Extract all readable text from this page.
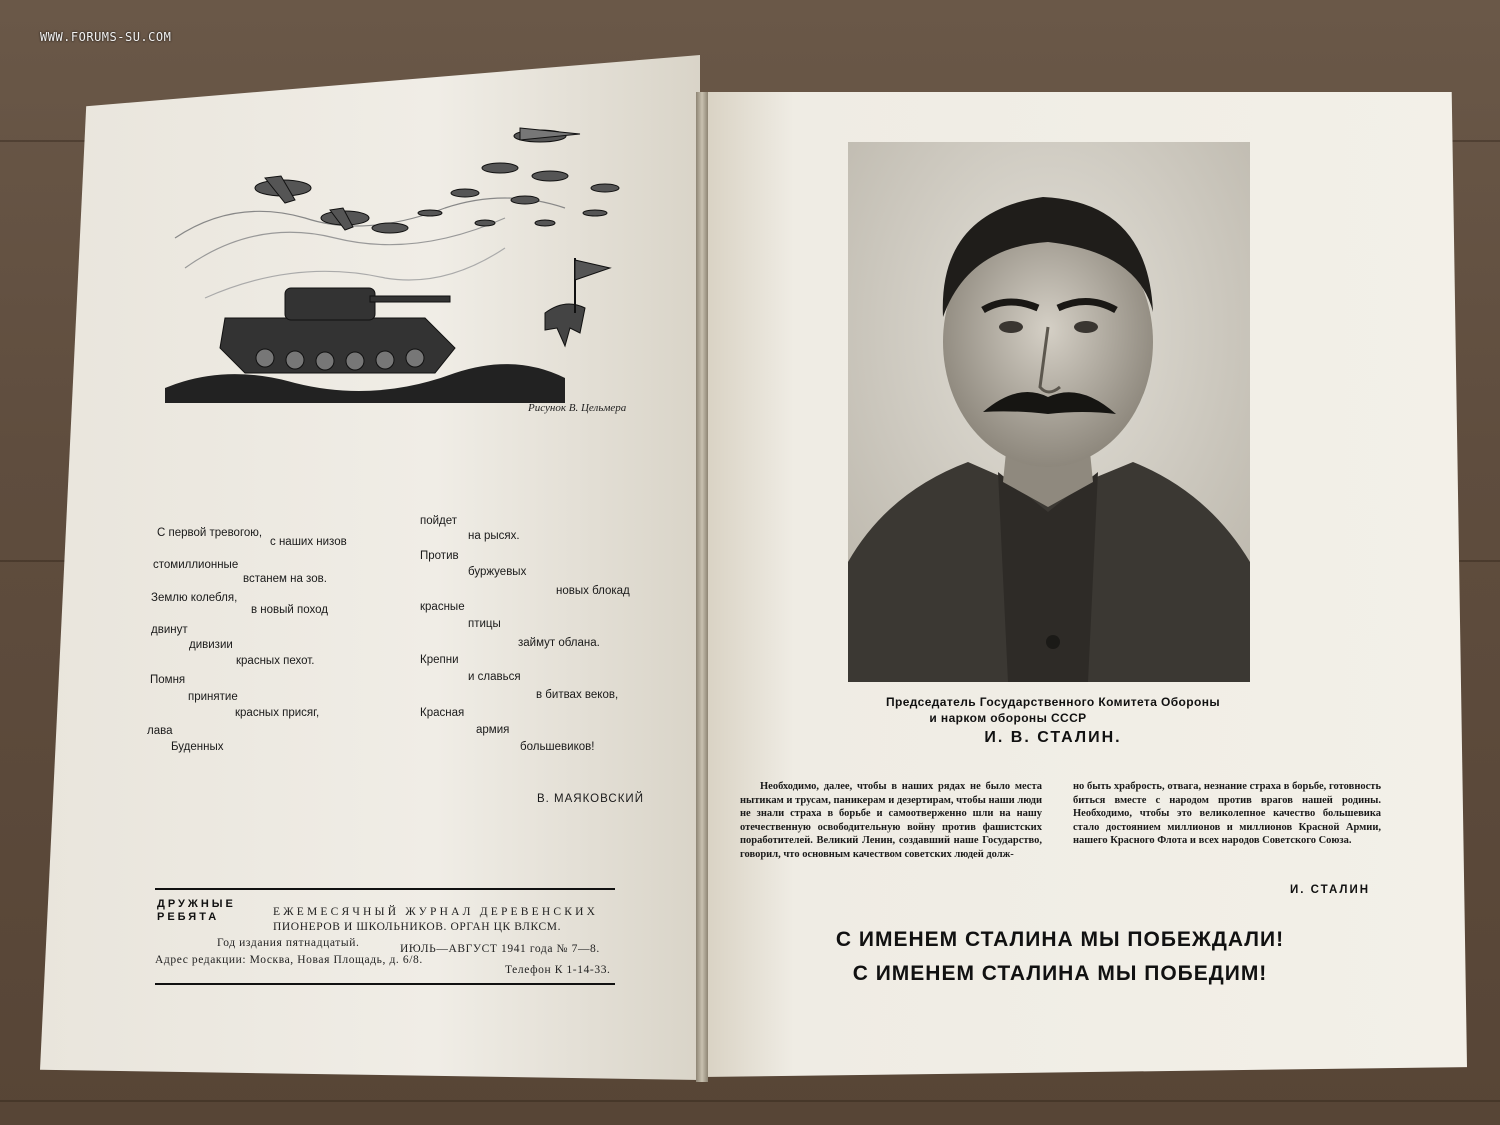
WWW.FORUMS-SU.COM
Рисунок В. Цельмера
С первой тревогою,
с наших низов
стомиллионные
встанем на зов.
Землю колебля,
в новый поход
двинут
дивизии
красных пехот.
Помня
принятие
красных присяг,
лава
Буденных
пойдет
на рысях.
Против
буржуевых
новых блокад
красные
птицы
займут облана.
Крепни
и славься
в битвах веков,
Красная
армия
большевиков!
В. МАЯКОВСКИЙ
ДРУЖНЫЕ
РЕБЯТА	ЕЖЕМЕСЯЧНЫЙ ЖУРНАЛ ДЕРЕВЕНСКИХ
ПИОНЕРОВ И ШКОЛЬНИКОВ. ОРГАН ЦК ВЛКСМ.
Год издания пятнадцатый.	ИЮЛЬ—АВГУСТ 1941 года № 7—8.
Адрес редакции: Москва, Новая Площадь, д. 6/8.
Телефон К 1-14-33.
Председатель Государственного Комитета Обороны
и нарком обороны СССР
И. В. СТАЛИН.
Необходимо, далее, чтобы в наших рядах не было места нытикам и трусам, паникерам и дезертирам, чтобы наши люди не знали страха в борьбе и самоотверженно шли на нашу отечественную освободительную войну против фашистских поработителей. Великий Ленин, создавший наше Государство, говорил, что основным качеством советских людей долж-
но быть храбрость, отвага, незнание страха в борьбе, готовность биться вместе с народом против врагов нашей родины. Необходимо, чтобы это великолепное качество большевика стало достоянием миллионов и миллионов Красной Армии, нашего Красного Флота и всех народов Советского Союза.
И. СТАЛИН
С ИМЕНЕМ СТАЛИНА МЫ ПОБЕЖДАЛИ!
С ИМЕНЕМ СТАЛИНА МЫ ПОБЕДИМ!
